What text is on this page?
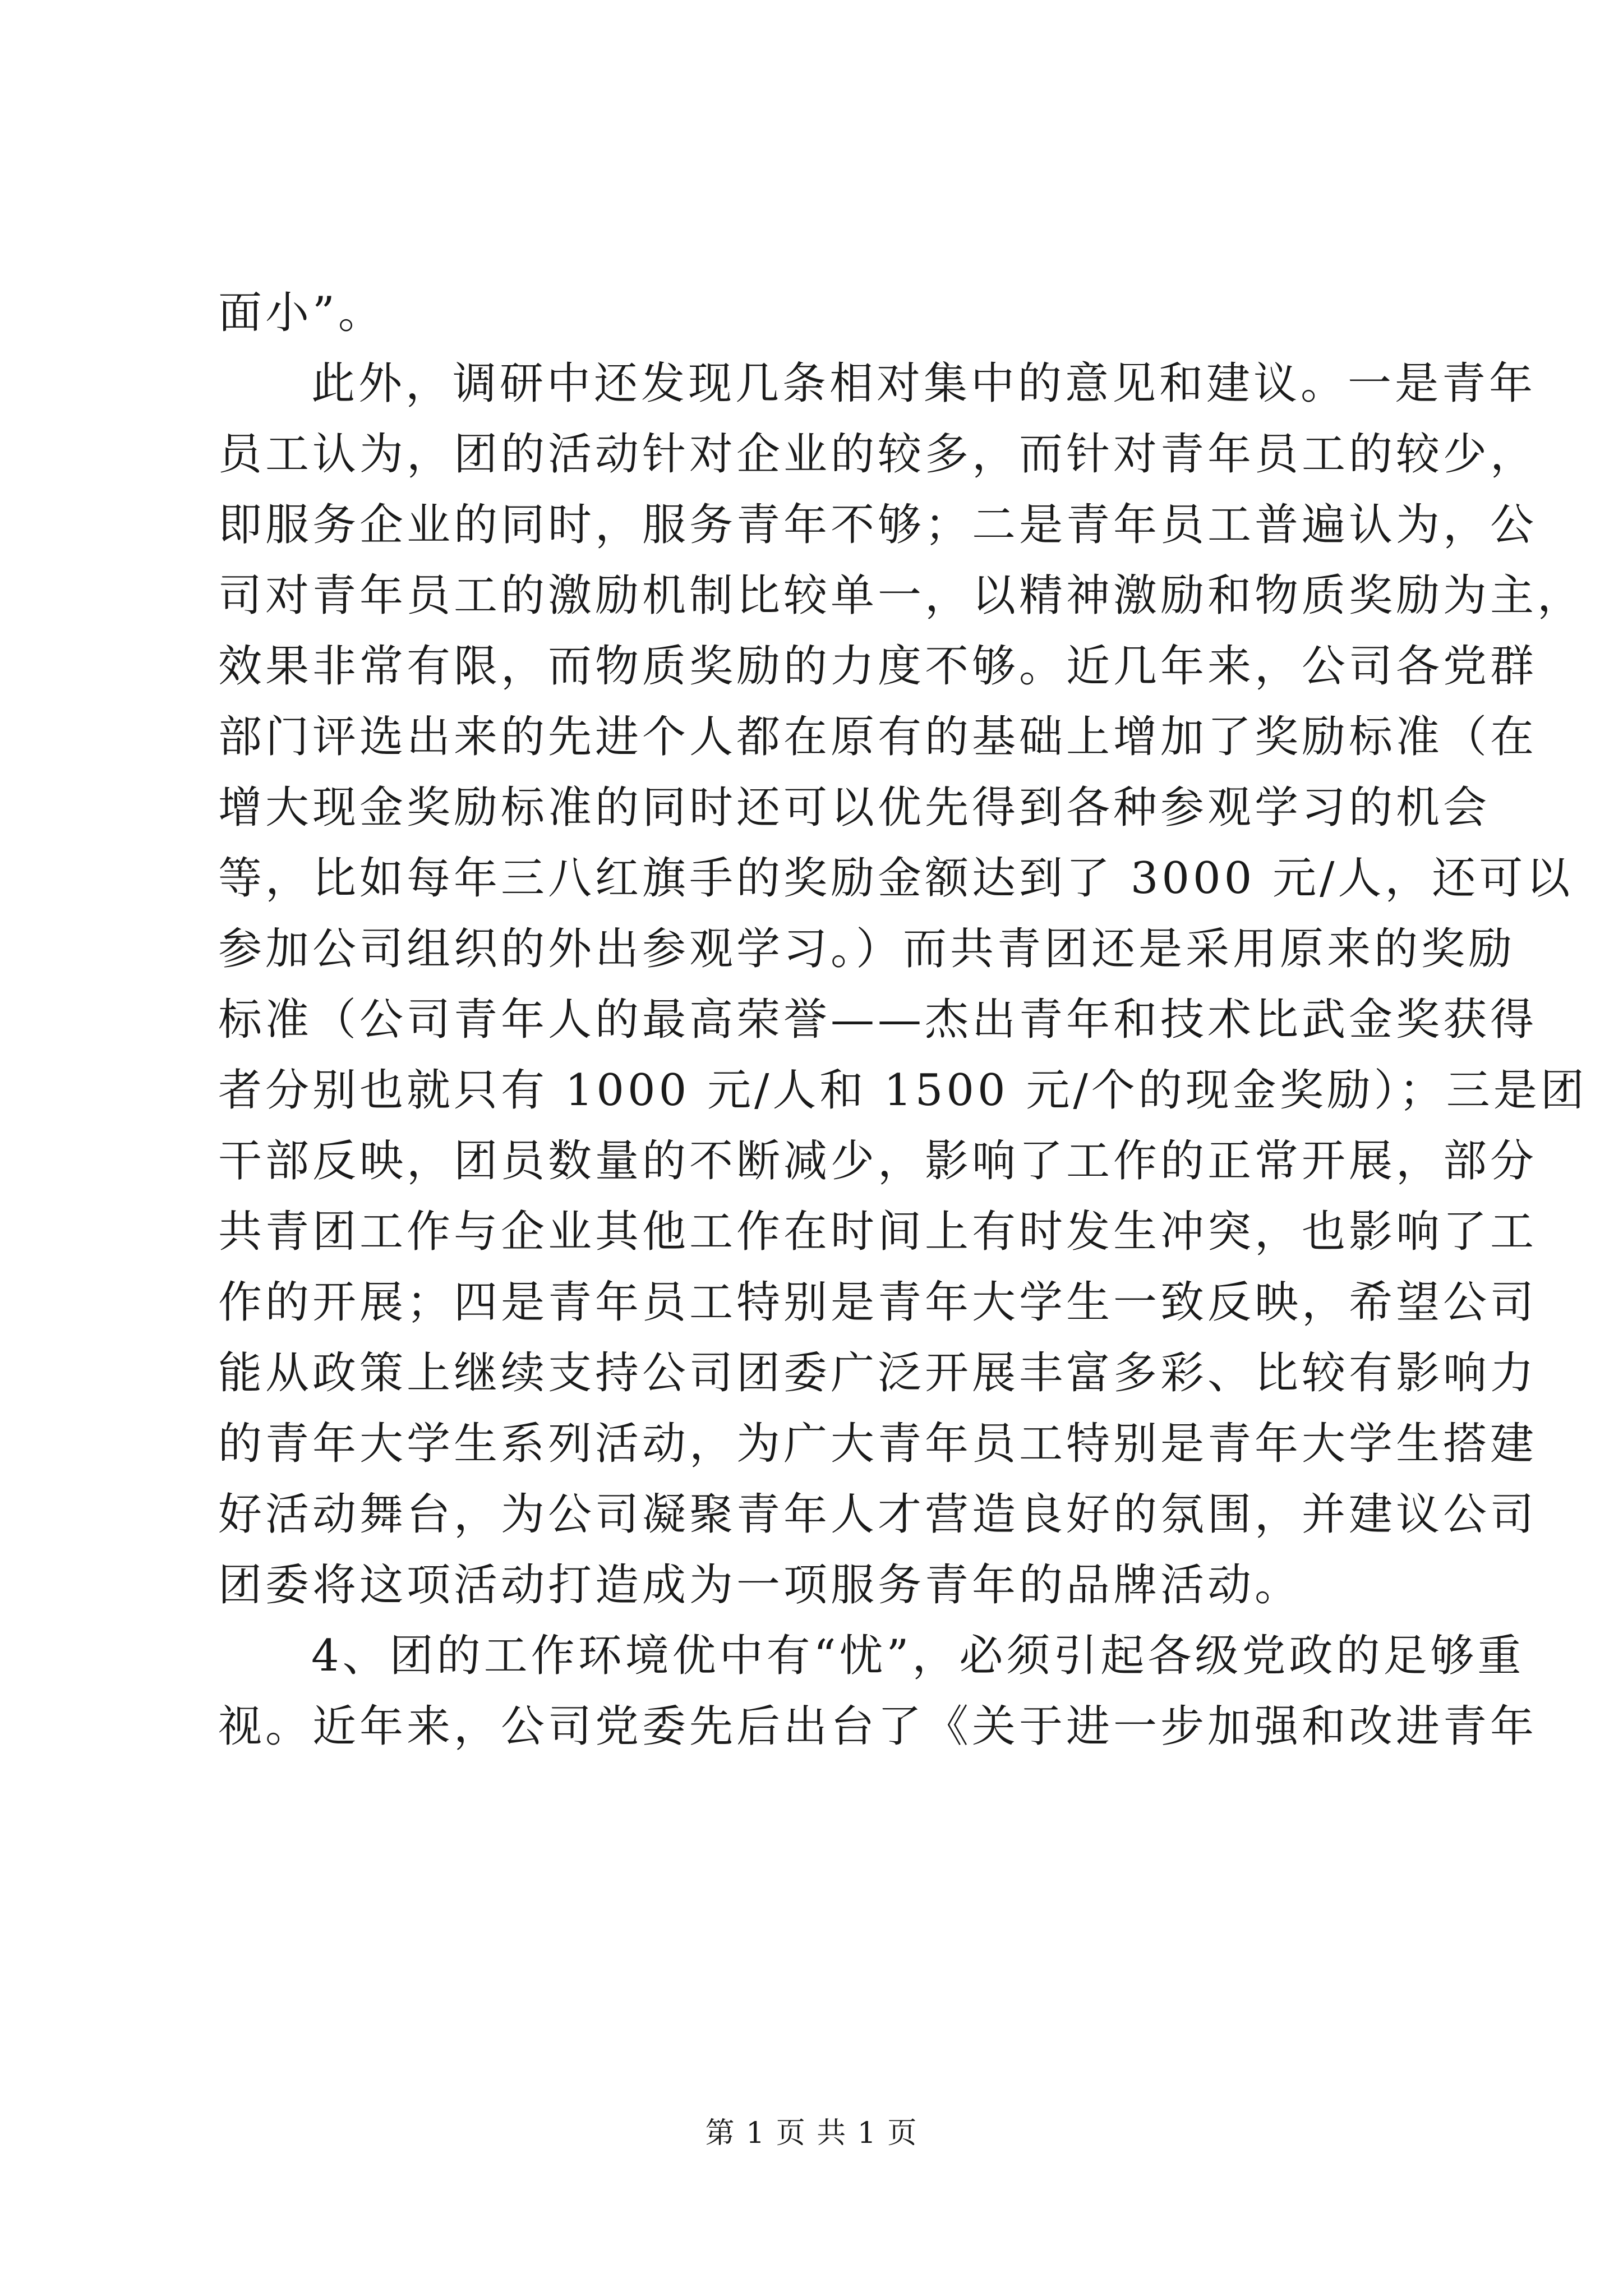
面小”。
此外，调研中还发现几条相对集中的意见和建议。一是青年
员工认为，团的活动针对企业的较多，而针对青年员工的较少，
即服务企业的同时，服务青年不够；二是青年员工普遍认为，公
司对青年员工的激励机制比较单一，以精神激励和物质奖励为主，
效果非常有限，而物质奖励的力度不够。近几年来，公司各党群
部门评选出来的先进个人都在原有的基础上增加了奖励标准（在
增大现金奖励标准的同时还可以优先得到各种参观学习的机会
等，比如每年三八红旗手的奖励金额达到了 3000 元/人，还可以
参加公司组织的外出参观学习。）而共青团还是采用原来的奖励
标准（公司青年人的最高荣誉——杰出青年和技术比武金奖获得
者分别也就只有 1000 元/人和 1500 元/个的现金奖励）；三是团
干部反映，团员数量的不断减少，影响了工作的正常开展，部分
共青团工作与企业其他工作在时间上有时发生冲突，也影响了工
作的开展；四是青年员工特别是青年大学生一致反映，希望公司
能从政策上继续支持公司团委广泛开展丰富多彩、比较有影响力
的青年大学生系列活动，为广大青年员工特别是青年大学生搭建
好活动舞台，为公司凝聚青年人才营造良好的氛围，并建议公司
团委将这项活动打造成为一项服务青年的品牌活动。
4、团的工作环境优中有“忧”，必须引起各级党政的足够重
视。近年来，公司党委先后出台了《关于进一步加强和改进青年
第 1 页 共 1 页
